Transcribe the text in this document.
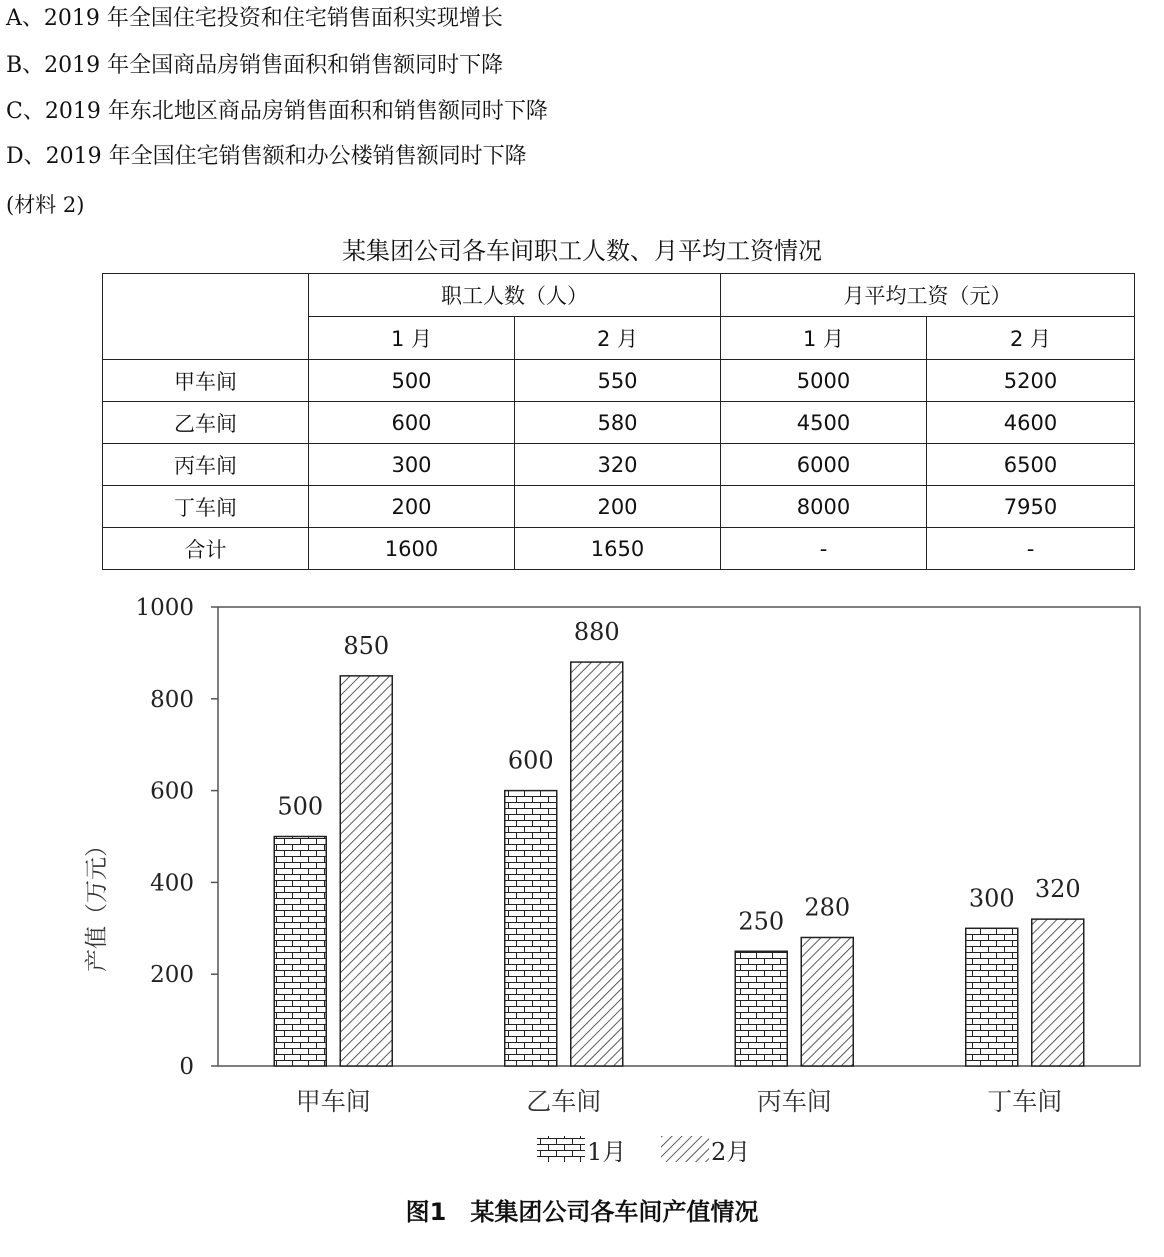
A、2019 年全国住宅投资和住宅销售面积实现增长
B、2019 年全国商品房销售面积和销售额同时下降
C、2019 年东北地区商品房销售面积和销售额同时下降
D、2019 年全国住宅销售额和办公楼销售额同时下降
(材料 2)
某集团公司各车间职工人数、月平均工资情况
	职工人数（人）		月平均工资（元）	
	1 月	2 月	1 月	2 月
甲车间	500	550	5000	5200
乙车间	600	580	4500	4600
丙车间	300	320	6000	6500
丁车间	200	200	8000	7950
合计	1600	1650	-	-
0
200
400
600
800
1000
500
850
甲车间
600
880
乙车间
250 280
丙车间
300 320
丁车间
产值（万元）
1月	2月
图1　某集团公司各车间产值情况
